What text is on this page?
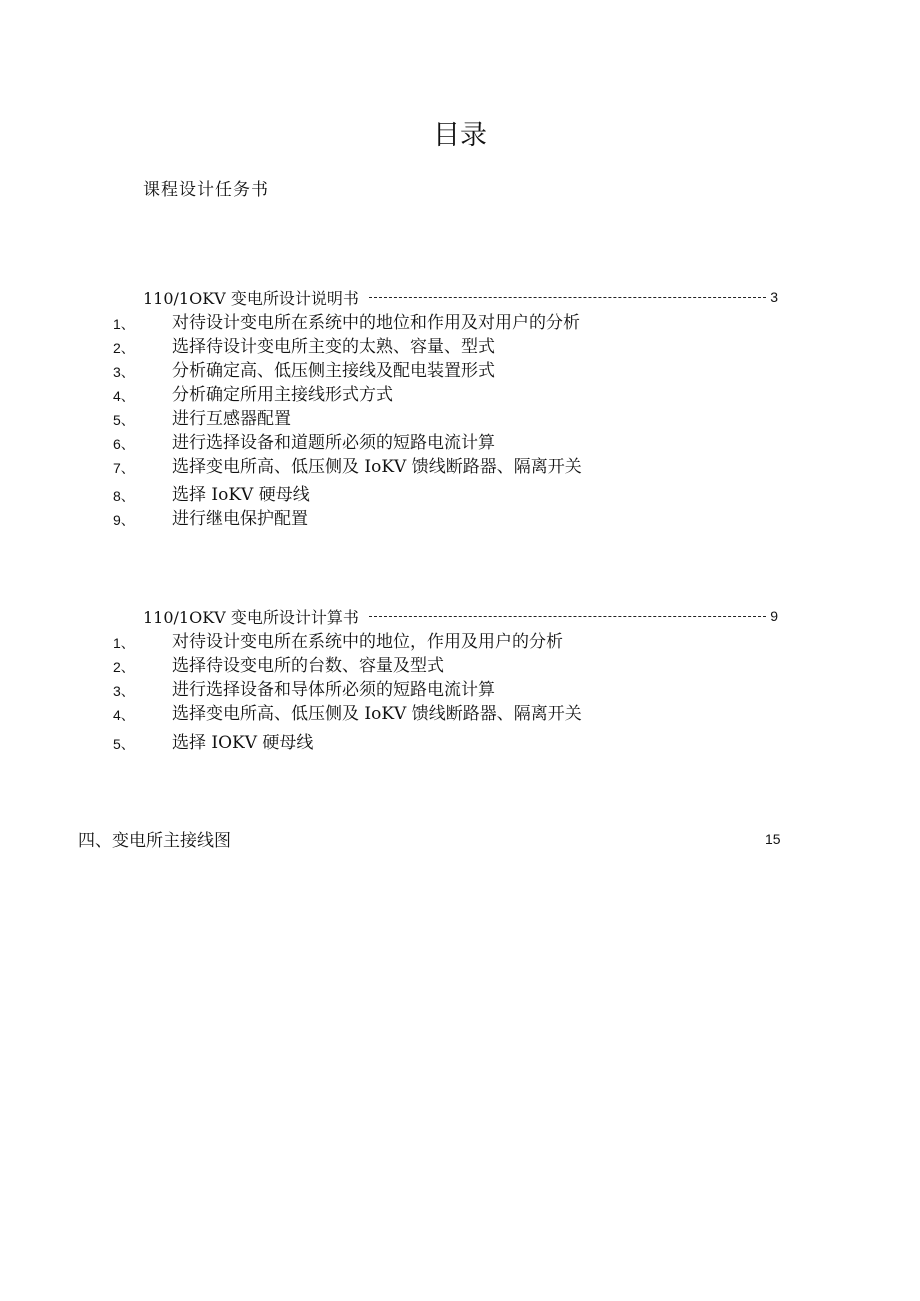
目录
课程设计任务书
110/1OKV 变电所设计说明书	3
1、 对待设计变电所在系统中的地位和作用及对用户的分析
2、 选择待设计变电所主变的太熟、容量、型式
3、 分析确定高、低压侧主接线及配电装置形式
4、 分析确定所用主接线形式方式
5、 进行互感器配置
6、 进行选择设备和道题所必须的短路电流计算
7、 选择变电所高、低压侧及 IoKV 馈线断路器、隔离开关
8、 选择 IoKV 硬母线
9、 进行继电保护配置
110/1OKV 变电所设计计算书	9
1、 对待设计变电所在系统中的地位，作用及用户的分析
2、 选择待设变电所的台数、容量及型式
3、 进行选择设备和导体所必须的短路电流计算
4、 选择变电所高、低压侧及 IoKV 馈线断路器、隔离开关
5、 选择 IOKV 硬母线
四、变电所主接线图	15
